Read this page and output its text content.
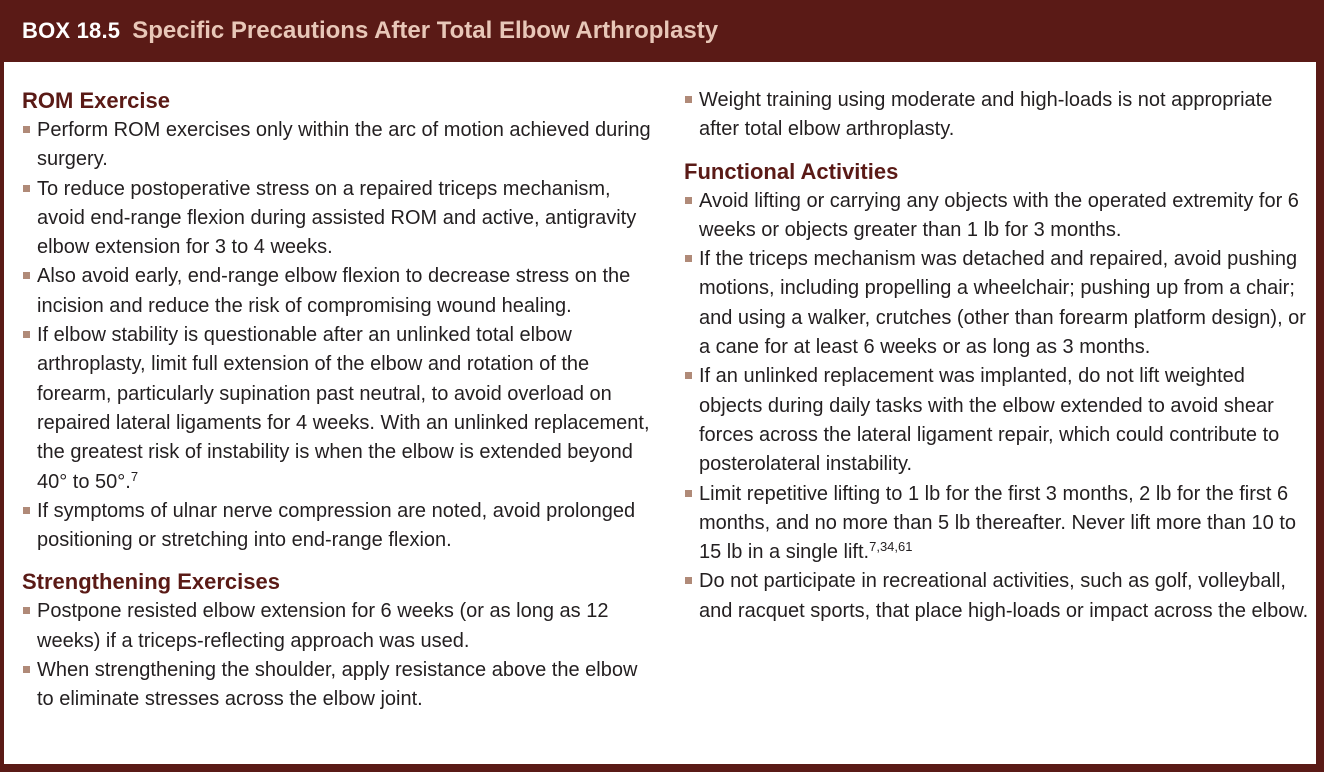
BOX 18.5 Specific Precautions After Total Elbow Arthroplasty
ROM Exercise
Perform ROM exercises only within the arc of motion achieved during surgery.
To reduce postoperative stress on a repaired triceps mechanism, avoid end-range flexion during assisted ROM and active, antigravity elbow extension for 3 to 4 weeks.
Also avoid early, end-range elbow flexion to decrease stress on the incision and reduce the risk of compromising wound healing.
If elbow stability is questionable after an unlinked total elbow arthroplasty, limit full extension of the elbow and rotation of the forearm, particularly supination past neutral, to avoid overload on repaired lateral ligaments for 4 weeks. With an unlinked replacement, the greatest risk of instability is when the elbow is extended beyond 40° to 50°.$^7$
If symptoms of ulnar nerve compression are noted, avoid prolonged positioning or stretching into end-range flexion.
Strengthening Exercises
Postpone resisted elbow extension for 6 weeks (or as long as 12 weeks) if a triceps-reflecting approach was used.
When strengthening the shoulder, apply resistance above the elbow to eliminate stresses across the elbow joint.
Weight training using moderate and high-loads is not appropriate after total elbow arthroplasty.
Functional Activities
Avoid lifting or carrying any objects with the operated extremity for 6 weeks or objects greater than 1 lb for 3 months.
If the triceps mechanism was detached and repaired, avoid pushing motions, including propelling a wheelchair; pushing up from a chair; and using a walker, crutches (other than forearm platform design), or a cane for at least 6 weeks or as long as 3 months.
If an unlinked replacement was implanted, do not lift weighted objects during daily tasks with the elbow extended to avoid shear forces across the lateral ligament repair, which could contribute to posterolateral instability.
Limit repetitive lifting to 1 lb for the first 3 months, 2 lb for the first 6 months, and no more than 5 lb thereafter. Never lift more than 10 to 15 lb in a single lift.$^{7,34,61}$
Do not participate in recreational activities, such as golf, volleyball, and racquet sports, that place high-loads or impact across the elbow.
